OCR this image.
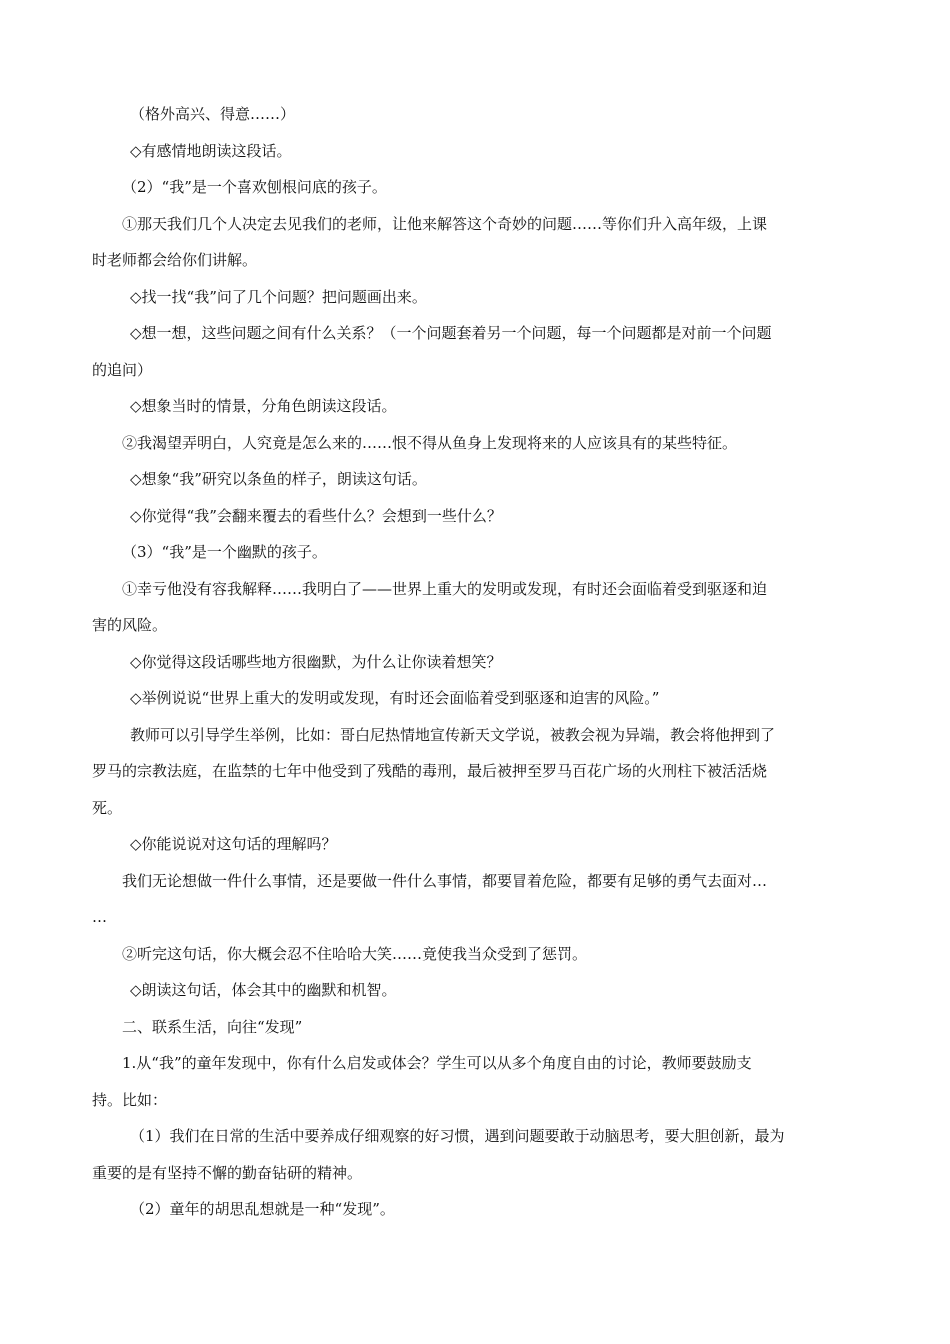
（格外高兴、得意……）
◇有感情地朗读这段话。
（2）“我”是一个喜欢刨根问底的孩子。
①那天我们几个人决定去见我们的老师，让他来解答这个奇妙的问题……等你们升入高年级，上课
时老师都会给你们讲解。
◇找一找“我”问了几个问题？把问题画出来。
◇想一想，这些问题之间有什么关系？（一个问题套着另一个问题，每一个问题都是对前一个问题
的追问）
◇想象当时的情景，分角色朗读这段话。
②我渴望弄明白，人究竟是怎么来的……恨不得从鱼身上发现将来的人应该具有的某些特征。
◇想象“我”研究以条鱼的样子，朗读这句话。
◇你觉得“我”会翻来覆去的看些什么？会想到一些什么？
（3）“我”是一个幽默的孩子。
①幸亏他没有容我解释……我明白了——世界上重大的发明或发现，有时还会面临着受到驱逐和迫
害的风险。
◇你觉得这段话哪些地方很幽默，为什么让你读着想笑？
◇举例说说“世界上重大的发明或发现，有时还会面临着受到驱逐和迫害的风险。”
教师可以引导学生举例，比如：哥白尼热情地宣传新天文学说，被教会视为异端，教会将他押到了
罗马的宗教法庭，在监禁的七年中他受到了残酷的毒刑，最后被押至罗马百花广场的火刑柱下被活活烧
死。
◇你能说说对这句话的理解吗？
我们无论想做一件什么事情，还是要做一件什么事情，都要冒着危险，都要有足够的勇气去面对…
…
②听完这句话，你大概会忍不住哈哈大笑……竟使我当众受到了惩罚。
◇朗读这句话，体会其中的幽默和机智。
二、联系生活，向往“发现”
1.从“我”的童年发现中，你有什么启发或体会？学生可以从多个角度自由的讨论，教师要鼓励支
持。比如：
（1）我们在日常的生活中要养成仔细观察的好习惯，遇到问题要敢于动脑思考，要大胆创新，最为
重要的是有坚持不懈的勤奋钻研的精神。
（2）童年的胡思乱想就是一种“发现”。
